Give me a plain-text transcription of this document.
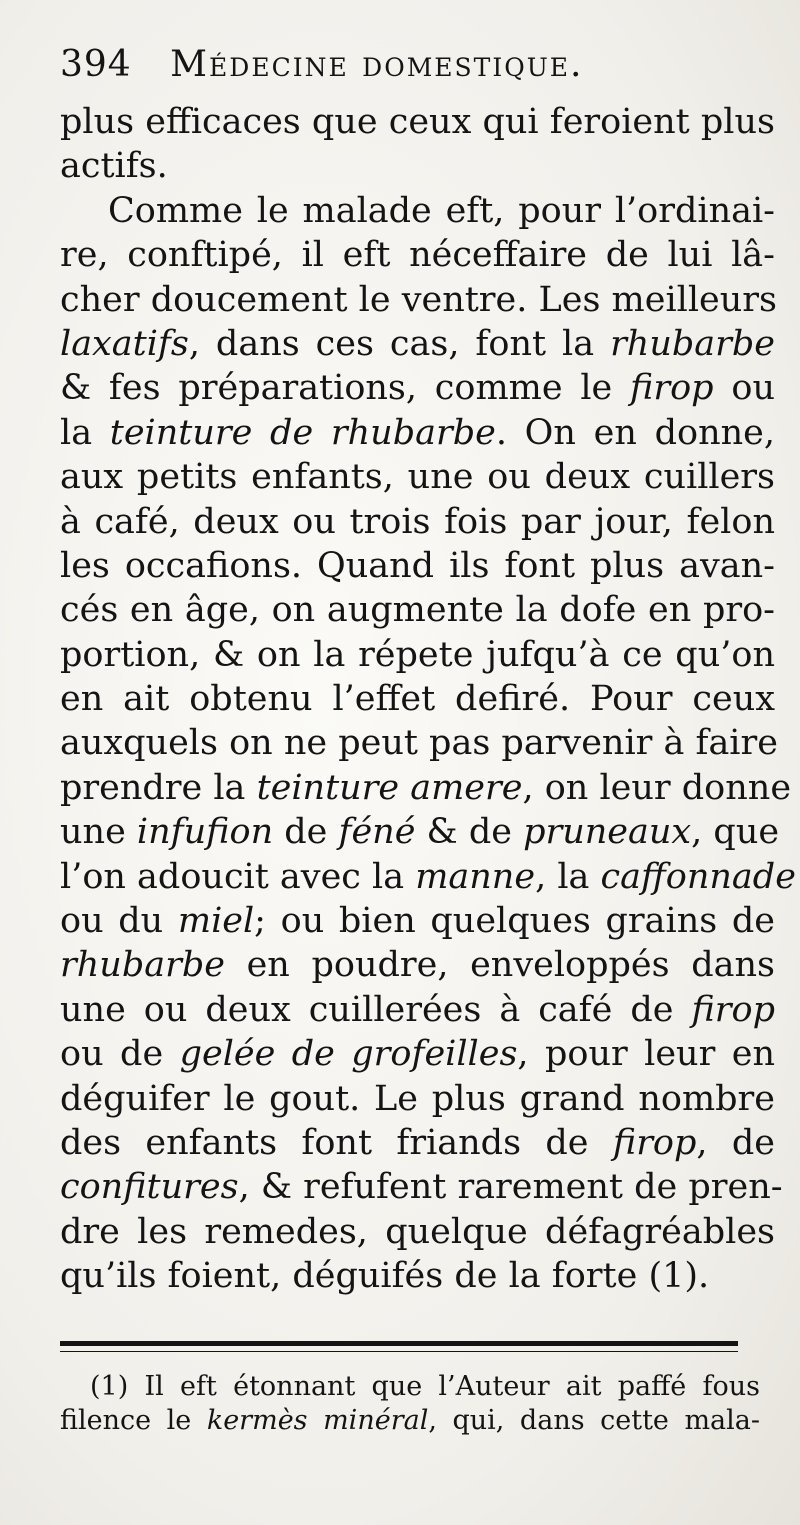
394 Médecine domestique.
plus efficaces que ceux qui feroient plus
actifs.
Comme le malade eft, pour l’ordinai-
re, conftipé, il eft néceffaire de lui lâ-
cher doucement le ventre. Les meilleurs
laxatifs, dans ces cas, font la rhubarbe
& fes préparations, comme le firop ou
la teinture de rhubarbe. On en donne,
aux petits enfants, une ou deux cuillers
à café, deux ou trois fois par jour, felon
les occafions. Quand ils font plus avan-
cés en âge, on augmente la dofe en pro-
portion, & on la répete jufqu’à ce qu’on
en ait obtenu l’effet defiré. Pour ceux
auxquels on ne peut pas parvenir à faire
prendre la teinture amere, on leur donne
une infufion de féné & de pruneaux, que
l’on adoucit avec la manne, la caffonnade
ou du miel; ou bien quelques grains de
rhubarbe en poudre, enveloppés dans
une ou deux cuillerées à café de firop
ou de gelée de grofeilles, pour leur en
déguifer le gout. Le plus grand nombre
des enfants font friands de firop, de
confitures, & refufent rarement de pren-
dre les remedes, quelque défagréables
qu’ils foient, déguifés de la forte (1).
(1) Il eft étonnant que l’Auteur ait paffé fous
filence le kermès minéral, qui, dans cette mala-
